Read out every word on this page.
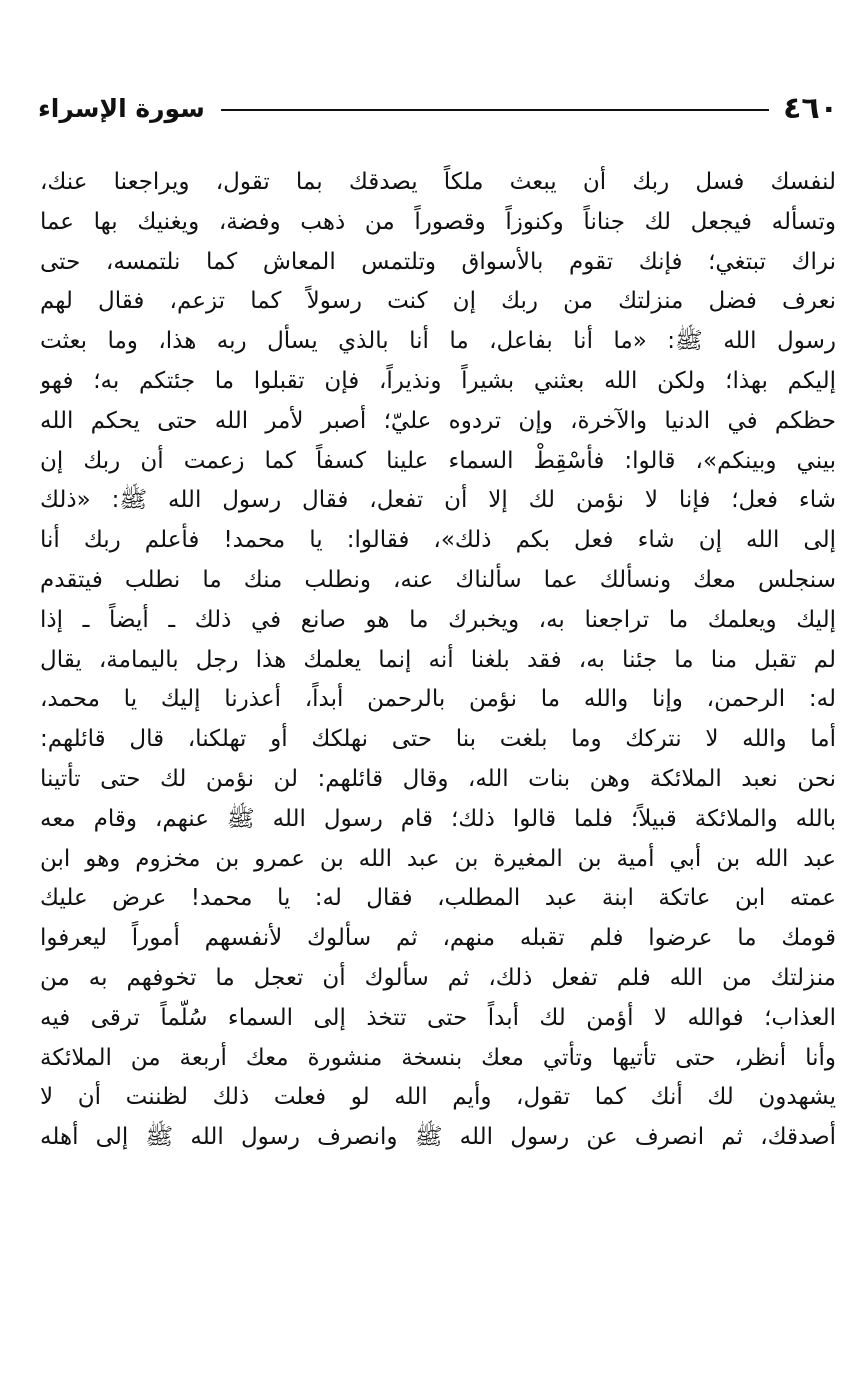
٤٦٠
سورة الإسراء
لنفسك فسل ربك أن يبعث ملكاً يصدقك بما تقول، ويراجعنا عنك،
وتسأله فيجعل لك جناناً وكنوزاً وقصوراً من ذهب وفضة، ويغنيك بها عما
نراك تبتغي؛ فإنك تقوم بالأسواق وتلتمس المعاش كما نلتمسه، حتى
نعرف فضل منزلتك من ربك إن كنت رسولاً كما تزعم، فقال لهم
رسول الله ﷺ: «ما أنا بفاعل، ما أنا بالذي يسأل ربه هذا، وما بعثت
إليكم بهذا؛ ولكن الله بعثني بشيراً ونذيراً، فإن تقبلوا ما جئتكم به؛ فهو
حظكم في الدنيا والآخرة، وإن تردوه عليّ؛ أصبر لأمر الله حتى يحكم الله
بيني وبينكم»، قالوا: فأسْقِطْ السماء علينا كسفاً كما زعمت أن ربك إن
شاء فعل؛ فإنا لا نؤمن لك إلا أن تفعل، فقال رسول الله ﷺ: «ذلك
إلى الله إن شاء فعل بكم ذلك»، فقالوا: يا محمد! فأعلم ربك أنا
سنجلس معك ونسألك عما سألناك عنه، ونطلب منك ما نطلب فيتقدم
إليك ويعلمك ما تراجعنا به، ويخبرك ما هو صانع في ذلك ـ أيضاً ـ إذا
لم تقبل منا ما جئنا به، فقد بلغنا أنه إنما يعلمك هذا رجل باليمامة، يقال
له: الرحمن، وإنا والله ما نؤمن بالرحمن أبداً، أعذرنا إليك يا محمد،
أما والله لا نتركك وما بلغت بنا حتى نهلكك أو تهلكنا، قال قائلهم:
نحن نعبد الملائكة وهن بنات الله، وقال قائلهم: لن نؤمن لك حتى تأتينا
بالله والملائكة قبيلاً؛ فلما قالوا ذلك؛ قام رسول الله ﷺ عنهم، وقام معه
عبد الله بن أبي أمية بن المغيرة بن عبد الله بن عمرو بن مخزوم وهو ابن
عمته ابن عاتكة ابنة عبد المطلب، فقال له: يا محمد! عرض عليك
قومك ما عرضوا فلم تقبله منهم، ثم سألوك لأنفسهم أموراً ليعرفوا
منزلتك من الله فلم تفعل ذلك، ثم سألوك أن تعجل ما تخوفهم به من
العذاب؛ فوالله لا أؤمن لك أبداً حتى تتخذ إلى السماء سُلّماً ترقى فيه
وأنا أنظر، حتى تأتيها وتأتي معك بنسخة منشورة معك أربعة من الملائكة
يشهدون لك أنك كما تقول، وأيم الله لو فعلت ذلك لظننت أن لا
أصدقك، ثم انصرف عن رسول الله ﷺ وانصرف رسول الله ﷺ إلى أهله
